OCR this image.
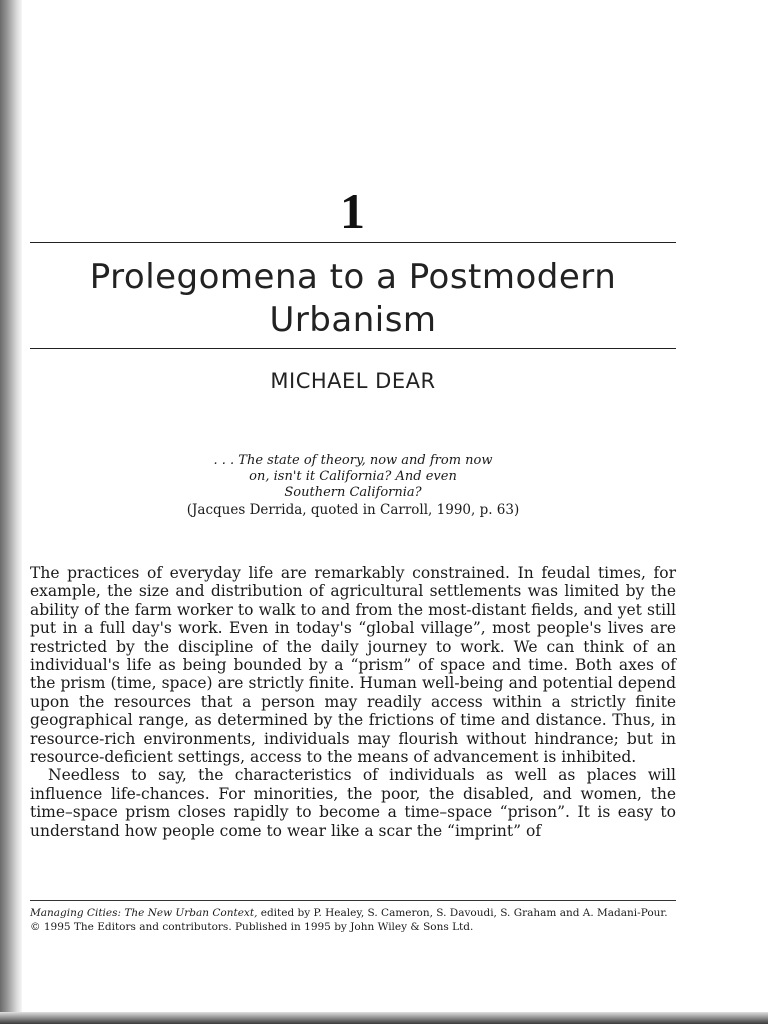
1
Prolegomena to a Postmodern
Urbanism
MICHAEL DEAR
. . . The state of theory, now and from now
on, isn't it California? And even
Southern California?
(Jacques Derrida, quoted in Carroll, 1990, p. 63)

The practices of everyday life are remarkably constrained. In feudal times, for example, the size and distribution of agricultural settlements was limited by the ability of the farm worker to walk to and from the most-distant fields, and yet still put in a full day's work. Even in today's “global village”, most people's lives are restricted by the discipline of the daily journey to work. We can think of an individual's life as being bounded by a “prism” of space and time. Both axes of the prism (time, space) are strictly finite. Human well-being and potential depend upon the resources that a person may readily access within a strictly finite geographical range, as determined by the frictions of time and distance. Thus, in resource-rich environments, individuals may flourish without hindrance; but in resource-deficient settings, access to the means of advancement is inhibited.

Needless to say, the characteristics of individuals as well as places will influence life-chances. For minorities, the poor, the disabled, and women, the time–space prism closes rapidly to become a time–space “prison”. It is easy to understand how people come to wear like a scar the “imprint” of

Managing Cities: The New Urban Context, edited by P. Healey, S. Cameron, S. Davoudi, S. Graham and A. Madani-Pour. © 1995 The Editors and contributors. Published in 1995 by John Wiley & Sons Ltd.
